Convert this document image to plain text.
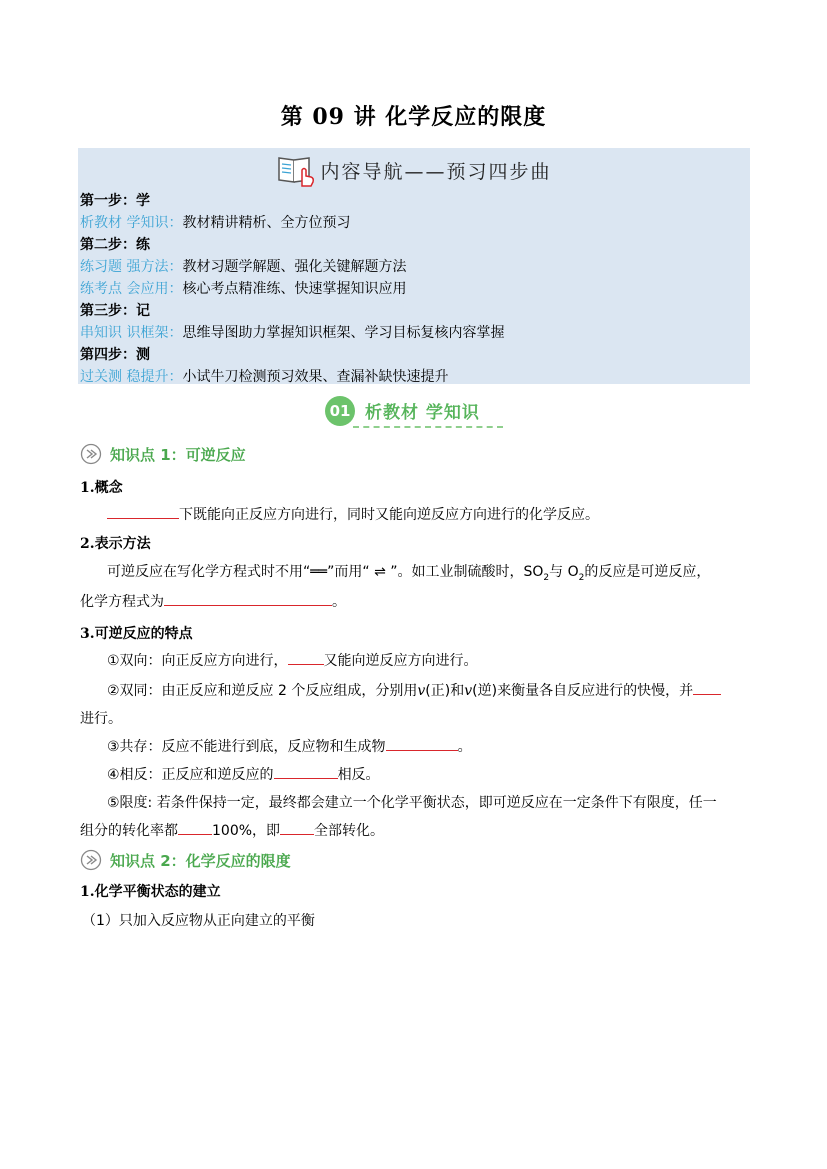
第 09 讲 化学反应的限度
内容导航——预习四步曲
第一步：学
析教材 学知识：教材精讲精析、全方位预习
第二步：练
练习题 强方法：教材习题学解题、强化关键解题方法
练考点 会应用：核心考点精准练、快速掌握知识应用
第三步：记
串知识 识框架：思维导图助力掌握知识框架、学习目标复核内容掌握
第四步：测
过关测 稳提升：小试牛刀检测预习效果、查漏补缺快速提升
01 析教材 学知识
知识点 1：可逆反应
1.概念
下既能向正反应方向进行，同时又能向逆反应方向进行的化学反应。
2.表示方法
可逆反应在写化学方程式时不用“══”而用“ ⇌ ”。如工业制硫酸时，$SO_2$与 $O_2$的反应是可逆反应，
化学方程式为	。
3.可逆反应的特点
①双向：向正反应方向进行，	又能向逆反应方向进行。
②双同：由正反应和逆反应 2 个反应组成，分别用v(正)和v(逆)来衡量各自反应进行的快慢，并
进行。
③共存：反应不能进行到底，反应物和生成物	。
④相反：正反应和逆反应的	相反。
⑤限度: 若条件保持一定，最终都会建立一个化学平衡状态，即可逆反应在一定条件下有限度，任一
组分的转化率都 100%，即 全部转化。
知识点 2：化学反应的限度
1.化学平衡状态的建立
（1）只加入反应物从正向建立的平衡
